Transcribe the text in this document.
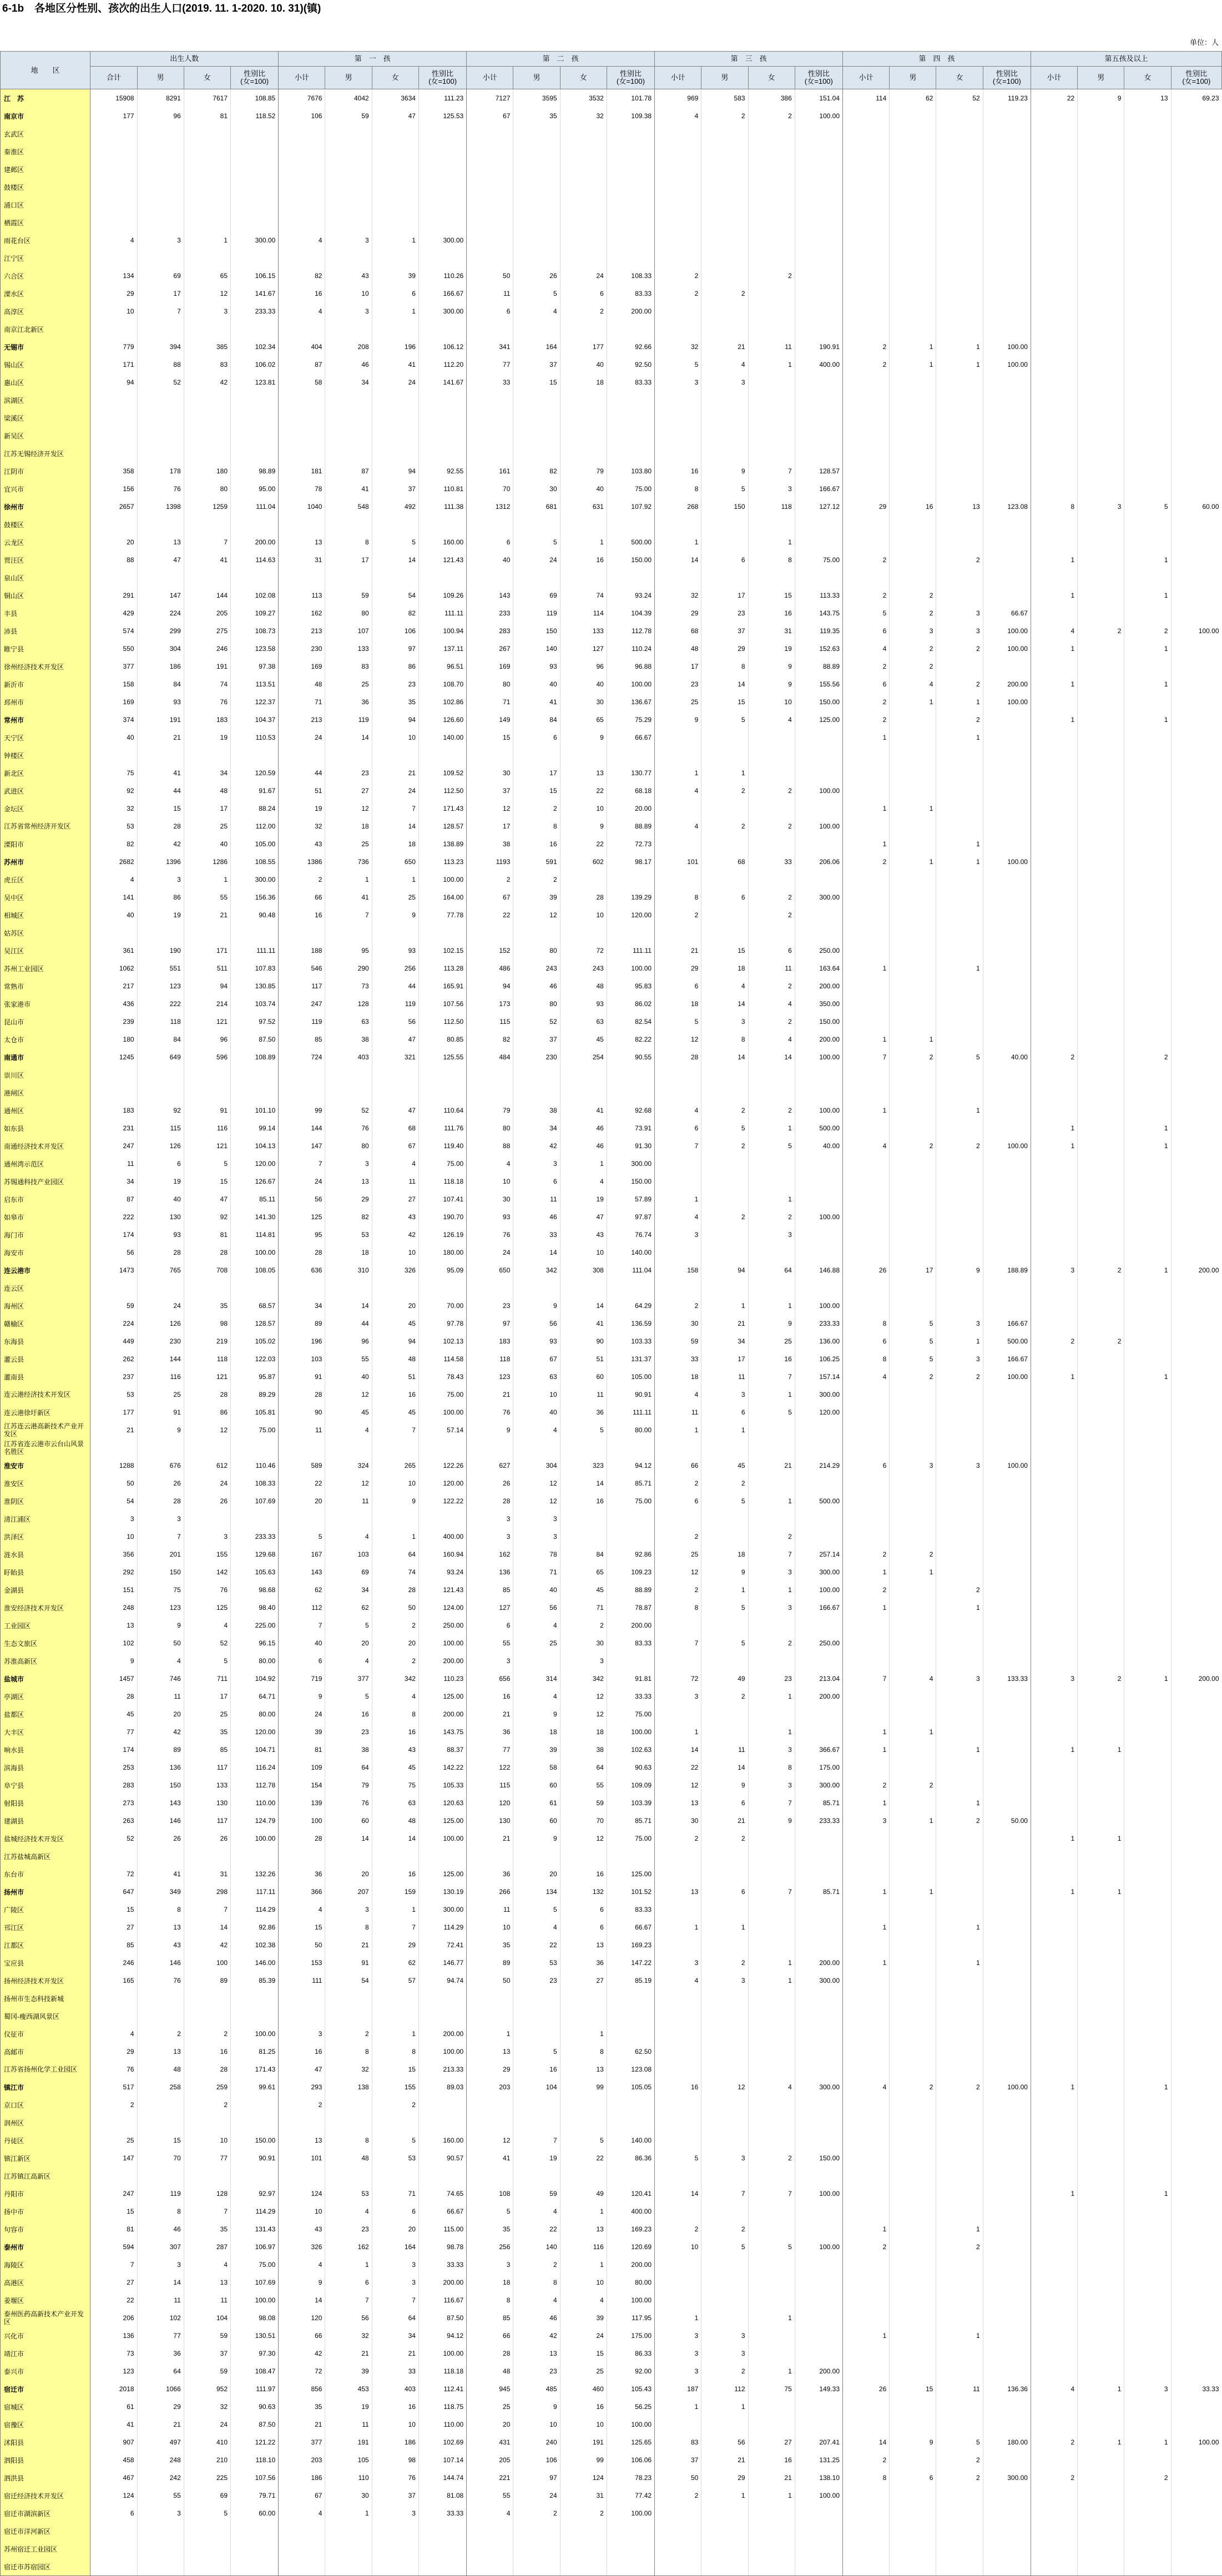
6-1b　各地区分性别、孩次的出生人口(2019. 11. 1-2020. 10. 31)(镇)
单位：人
地　　区	出生人数				第　一　孩				第　二　孩				第　三　孩				第　四　孩				第五孩及以上			
	合计	男	女	性别比
(女=100)	小计	男	女	性别比
(女=100)	小计	男	女	性别比
(女=100)	小计	男	女	性别比
(女=100)	小计	男	女	性别比
(女=100)	小计	男	女	性别比
(女=100)
江　苏	15908	8291	7617	108.85	7676	4042	3634	111.23	7127	3595	3532	101.78	969	583	386	151.04	114	62	52	119.23	22	9	13	69.23
南京市	177	96	81	118.52	106	59	47	125.53	67	35	32	109.38	4	2	2	100.00								
玄武区																								
秦淮区																								
建邺区																								
鼓楼区																								
浦口区																								
栖霞区																								
雨花台区	4	3	1	300.00	4	3	1	300.00																
江宁区																								
六合区	134	69	65	106.15	82	43	39	110.26	50	26	24	108.33	2		2									
溧水区	29	17	12	141.67	16	10	6	166.67	11	5	6	83.33	2	2										
高淳区	10	7	3	233.33	4	3	1	300.00	6	4	2	200.00												
南京江北新区																								
无锡市	779	394	385	102.34	404	208	196	106.12	341	164	177	92.66	32	21	11	190.91	2	1	1	100.00				
锡山区	171	88	83	106.02	87	46	41	112.20	77	37	40	92.50	5	4	1	400.00	2	1	1	100.00				
惠山区	94	52	42	123.81	58	34	24	141.67	33	15	18	83.33	3	3										
滨湖区																								
梁溪区																								
新吴区																								
江苏无锡经济开发区																								
江阴市	358	178	180	98.89	181	87	94	92.55	161	82	79	103.80	16	9	7	128.57								
宜兴市	156	76	80	95.00	78	41	37	110.81	70	30	40	75.00	8	5	3	166.67								
徐州市	2657	1398	1259	111.04	1040	548	492	111.38	1312	681	631	107.92	268	150	118	127.12	29	16	13	123.08	8	3	5	60.00
鼓楼区																								
云龙区	20	13	7	200.00	13	8	5	160.00	6	5	1	500.00	1		1									
贾汪区	88	47	41	114.63	31	17	14	121.43	40	24	16	150.00	14	6	8	75.00	2		2		1		1	
泉山区																								
铜山区	291	147	144	102.08	113	59	54	109.26	143	69	74	93.24	32	17	15	113.33	2	2			1		1	
丰县	429	224	205	109.27	162	80	82	111.11	233	119	114	104.39	29	23	16	143.75	5	2	3	66.67				
沛县	574	299	275	108.73	213	107	106	100.94	283	150	133	112.78	68	37	31	119.35	6	3	3	100.00	4	2	2	100.00
睢宁县	550	304	246	123.58	230	133	97	137.11	267	140	127	110.24	48	29	19	152.63	4	2	2	100.00	1		1	
徐州经济技术开发区	377	186	191	97.38	169	83	86	96.51	169	93	96	96.88	17	8	9	88.89	2	2						
新沂市	158	84	74	113.51	48	25	23	108.70	80	40	40	100.00	23	14	9	155.56	6	4	2	200.00	1		1	
邳州市	169	93	76	122.37	71	36	35	102.86	71	41	30	136.67	25	15	10	150.00	2	1	1	100.00				
常州市	374	191	183	104.37	213	119	94	126.60	149	84	65	75.29	9	5	4	125.00	2		2		1		1	
天宁区	40	21	19	110.53	24	14	10	140.00	15	6	9	66.67					1		1					
钟楼区																								
新北区	75	41	34	120.59	44	23	21	109.52	30	17	13	130.77	1	1										
武进区	92	44	48	91.67	51	27	24	112.50	37	15	22	68.18	4	2	2	100.00								
金坛区	32	15	17	88.24	19	12	7	171.43	12	2	10	20.00					1	1						
江苏省常州经济开发区	53	28	25	112.00	32	18	14	128.57	17	8	9	88.89	4	2	2	100.00								
溧阳市	82	42	40	105.00	43	25	18	138.89	38	16	22	72.73					1		1					
苏州市	2682	1396	1286	108.55	1386	736	650	113.23	1193	591	602	98.17	101	68	33	206.06	2	1	1	100.00				
虎丘区	4	3	1	300.00	2	1	1	100.00	2	2														
吴中区	141	86	55	156.36	66	41	25	164.00	67	39	28	139.29	8	6	2	300.00								
相城区	40	19	21	90.48	16	7	9	77.78	22	12	10	120.00	2		2									
姑苏区																								
吴江区	361	190	171	111.11	188	95	93	102.15	152	80	72	111.11	21	15	6	250.00								
苏州工业园区	1062	551	511	107.83	546	290	256	113.28	486	243	243	100.00	29	18	11	163.64	1		1					
常熟市	217	123	94	130.85	117	73	44	165.91	94	46	48	95.83	6	4	2	200.00								
张家港市	436	222	214	103.74	247	128	119	107.56	173	80	93	86.02	18	14	4	350.00								
昆山市	239	118	121	97.52	119	63	56	112.50	115	52	63	82.54	5	3	2	150.00								
太仓市	180	84	96	87.50	85	38	47	80.85	82	37	45	82.22	12	8	4	200.00	1	1						
南通市	1245	649	596	108.89	724	403	321	125.55	484	230	254	90.55	28	14	14	100.00	7	2	5	40.00	2		2	
崇川区																								
港闸区																								
通州区	183	92	91	101.10	99	52	47	110.64	79	38	41	92.68	4	2	2	100.00	1		1					
如东县	231	115	116	99.14	144	76	68	111.76	80	34	46	73.91	6	5	1	500.00					1		1	
南通经济技术开发区	247	126	121	104.13	147	80	67	119.40	88	42	46	91.30	7	2	5	40.00	4	2	2	100.00	1		1	
通州湾示范区	11	6	5	120.00	7	3	4	75.00	4	3	1	300.00												
苏锡通科技产业园区	34	19	15	126.67	24	13	11	118.18	10	6	4	150.00												
启东市	87	40	47	85.11	56	29	27	107.41	30	11	19	57.89	1		1									
如皋市	222	130	92	141.30	125	82	43	190.70	93	46	47	97.87	4	2	2	100.00								
海门市	174	93	81	114.81	95	53	42	126.19	76	33	43	76.74	3		3									
海安市	56	28	28	100.00	28	18	10	180.00	24	14	10	140.00												
连云港市	1473	765	708	108.05	636	310	326	95.09	650	342	308	111.04	158	94	64	146.88	26	17	9	188.89	3	2	1	200.00
连云区																								
海州区	59	24	35	68.57	34	14	20	70.00	23	9	14	64.29	2	1	1	100.00								
赣榆区	224	126	98	128.57	89	44	45	97.78	97	56	41	136.59	30	21	9	233.33	8	5	3	166.67				
东海县	449	230	219	105.02	196	96	94	102.13	183	93	90	103.33	59	34	25	136.00	6	5	1	500.00	2	2		
灌云县	262	144	118	122.03	103	55	48	114.58	118	67	51	131.37	33	17	16	106.25	8	5	3	166.67				
灌南县	237	116	121	95.87	91	40	51	78.43	123	63	60	105.00	18	11	7	157.14	4	2	2	100.00	1		1	
连云港经济技术开发区	53	25	28	89.29	28	12	16	75.00	21	10	11	90.91	4	3	1	300.00								
连云港徐圩新区	177	91	86	105.81	90	45	45	100.00	76	40	36	111.11	11	6	5	120.00								
江苏连云港高新技术产业开发区	21	9	12	75.00	11	4	7	57.14	9	4	5	80.00	1	1										
江苏省连云港市云台山风景名胜区																								
淮安市	1288	676	612	110.46	589	324	265	122.26	627	304	323	94.12	66	45	21	214.29	6	3	3	100.00				
淮安区	50	26	24	108.33	22	12	10	120.00	26	12	14	85.71	2	2										
淮阴区	54	28	26	107.69	20	11	9	122.22	28	12	16	75.00	6	5	1	500.00								
清江浦区	3	3							3	3														
洪泽区	10	7	3	233.33	5	4	1	400.00	3	3			2		2									
涟水县	356	201	155	129.68	167	103	64	160.94	162	78	84	92.86	25	18	7	257.14	2	2						
盱眙县	292	150	142	105.63	143	69	74	93.24	136	71	65	109.23	12	9	3	300.00	1	1						
金湖县	151	75	76	98.68	62	34	28	121.43	85	40	45	88.89	2	1	1	100.00	2		2					
淮安经济技术开发区	248	123	125	98.40	112	62	50	124.00	127	56	71	78.87	8	5	3	166.67	1		1					
工业园区	13	9	4	225.00	7	5	2	250.00	6	4	2	200.00												
生态文旅区	102	50	52	96.15	40	20	20	100.00	55	25	30	83.33	7	5	2	250.00								
苏淮高新区	9	4	5	80.00	6	4	2	200.00	3		3													
盐城市	1457	746	711	104.92	719	377	342	110.23	656	314	342	91.81	72	49	23	213.04	7	4	3	133.33	3	2	1	200.00
亭湖区	28	11	17	64.71	9	5	4	125.00	16	4	12	33.33	3	2	1	200.00								
盐都区	45	20	25	80.00	24	16	8	200.00	21	9	12	75.00												
大丰区	77	42	35	120.00	39	23	16	143.75	36	18	18	100.00	1		1		1	1						
响水县	174	89	85	104.71	81	38	43	88.37	77	39	38	102.63	14	11	3	366.67	1		1		1	1		
滨海县	253	136	117	116.24	109	64	45	142.22	122	58	64	90.63	22	14	8	175.00								
阜宁县	283	150	133	112.78	154	79	75	105.33	115	60	55	109.09	12	9	3	300.00	2	2						
射阳县	273	143	130	110.00	139	76	63	120.63	120	61	59	103.39	13	6	7	85.71	1		1					
建湖县	263	146	117	124.79	100	60	48	125.00	130	60	70	85.71	30	21	9	233.33	3	1	2	50.00				
盐城经济技术开发区	52	26	26	100.00	28	14	14	100.00	21	9	12	75.00	2	2							1	1		
江苏盐城高新区																								
东台市	72	41	31	132.26	36	20	16	125.00	36	20	16	125.00												
扬州市	647	349	298	117.11	366	207	159	130.19	266	134	132	101.52	13	6	7	85.71	1	1			1	1		
广陵区	15	8	7	114.29	4	3	1	300.00	11	5	6	83.33												
邗江区	27	13	14	92.86	15	8	7	114.29	10	4	6	66.67	1	1			1		1					
江都区	85	43	42	102.38	50	21	29	72.41	35	22	13	169.23												
宝应县	246	146	100	146.00	153	91	62	146.77	89	53	36	147.22	3	2	1	200.00	1		1					
扬州经济技术开发区	165	76	89	85.39	111	54	57	94.74	50	23	27	85.19	4	3	1	300.00								
扬州市生态科技新城																								
蜀冈-瘦西湖风景区																								
仪征市	4	2	2	100.00	3	2	1	200.00	1		1													
高邮市	29	13	16	81.25	16	8	8	100.00	13	5	8	62.50												
江苏省扬州化学工业园区	76	48	28	171.43	47	32	15	213.33	29	16	13	123.08												
镇江市	517	258	259	99.61	293	138	155	89.03	203	104	99	105.05	16	12	4	300.00	4	2	2	100.00	1		1	
京口区	2		2		2		2																	
润州区																								
丹徒区	25	15	10	150.00	13	8	5	160.00	12	7	5	140.00												
镇江新区	147	70	77	90.91	101	48	53	90.57	41	19	22	86.36	5	3	2	150.00								
江苏镇江高新区																								
丹阳市	247	119	128	92.97	124	53	71	74.65	108	59	49	120.41	14	7	7	100.00					1		1	
扬中市	15	8	7	114.29	10	4	6	66.67	5	4	1	400.00												
句容市	81	46	35	131.43	43	23	20	115.00	35	22	13	169.23	2	2			1		1					
泰州市	594	307	287	106.97	326	162	164	98.78	256	140	116	120.69	10	5	5	100.00	2		2					
海陵区	7	3	4	75.00	4	1	3	33.33	3	2	1	200.00												
高港区	27	14	13	107.69	9	6	3	200.00	18	8	10	80.00												
姜堰区	22	11	11	100.00	14	7	7	116.67	8	4	4	100.00												
泰州医药高新技术产业开发区	206	102	104	98.08	120	56	64	87.50	85	46	39	117.95	1		1									
兴化市	136	77	59	130.51	66	32	34	94.12	66	42	24	175.00	3	3			1		1					
靖江市	73	36	37	97.30	42	21	21	100.00	28	13	15	86.33	3	3										
泰兴市	123	64	59	108.47	72	39	33	118.18	48	23	25	92.00	3	2	1	200.00								
宿迁市	2018	1066	952	111.97	856	453	403	112.41	945	485	460	105.43	187	112	75	149.33	26	15	11	136.36	4	1	3	33.33
宿城区	61	29	32	90.63	35	19	16	118.75	25	9	16	56.25	1	1										
宿豫区	41	21	24	87.50	21	11	10	110.00	20	10	10	100.00												
沭阳县	907	497	410	121.22	377	191	186	102.69	431	240	191	125.65	83	56	27	207.41	14	9	5	180.00	2	1	1	100.00
泗阳县	458	248	210	118.10	203	105	98	107.14	205	106	99	106.06	37	21	16	131.25	2		2					
泗洪县	467	242	225	107.56	186	110	76	144.74	221	97	124	78.23	50	29	21	138.10	8	6	2	300.00	2		2	
宿迁经济技术开发区	124	55	69	79.71	67	30	37	81.08	55	24	31	77.42	2	1	1	100.00								
宿迁市湖滨新区	6	3	5	60.00	4	1	3	33.33	4	2	2	100.00												
宿迁市洋河新区																								
苏州宿迁工业园区																								
宿迁市苏宿园区																								
